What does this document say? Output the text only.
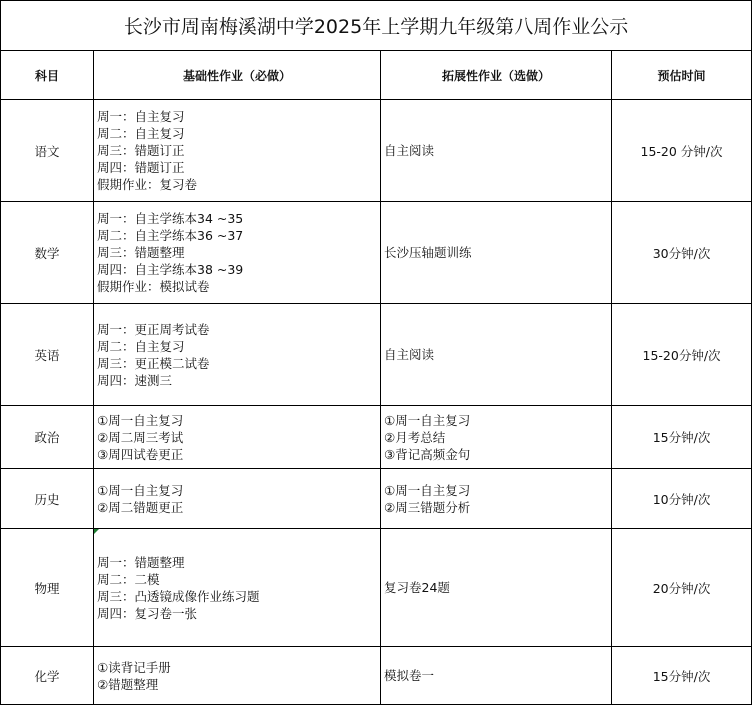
长沙市周南梅溪湖中学2025年上学期九年级第八周作业公示			
科目	基础性作业（必做）	拓展性作业（选做）	预估时间
语文	周一：自主复习
周二：自主复习
周三：错题订正
周四：错题订正
假期作业：复习卷	自主阅读	15-20 分钟/次
数学	周一：自主学练本34 ~35
周二：自主学练本36 ~37
周三：错题整理
周四：自主学练本38 ~39
假期作业：模拟试卷	长沙压轴题训练	30分钟/次
英语	周一：更正周考试卷
周二：自主复习
周三：更正模二试卷
周四：速测三	自主阅读	15-20分钟/次
政治	①周一自主复习
②周二周三考试
③周四试卷更正	①周一自主复习
②月考总结
③背记高频金句	15分钟/次
历史	①周一自主复习
②周二错题更正	①周一自主复习
②周三错题分析	10分钟/次
物理	周一：错题整理
周二：二模
周三：凸透镜成像作业练习题
周四：复习卷一张	复习卷24题	20分钟/次
化学	①读背记手册
②错题整理	模拟卷一	15分钟/次
